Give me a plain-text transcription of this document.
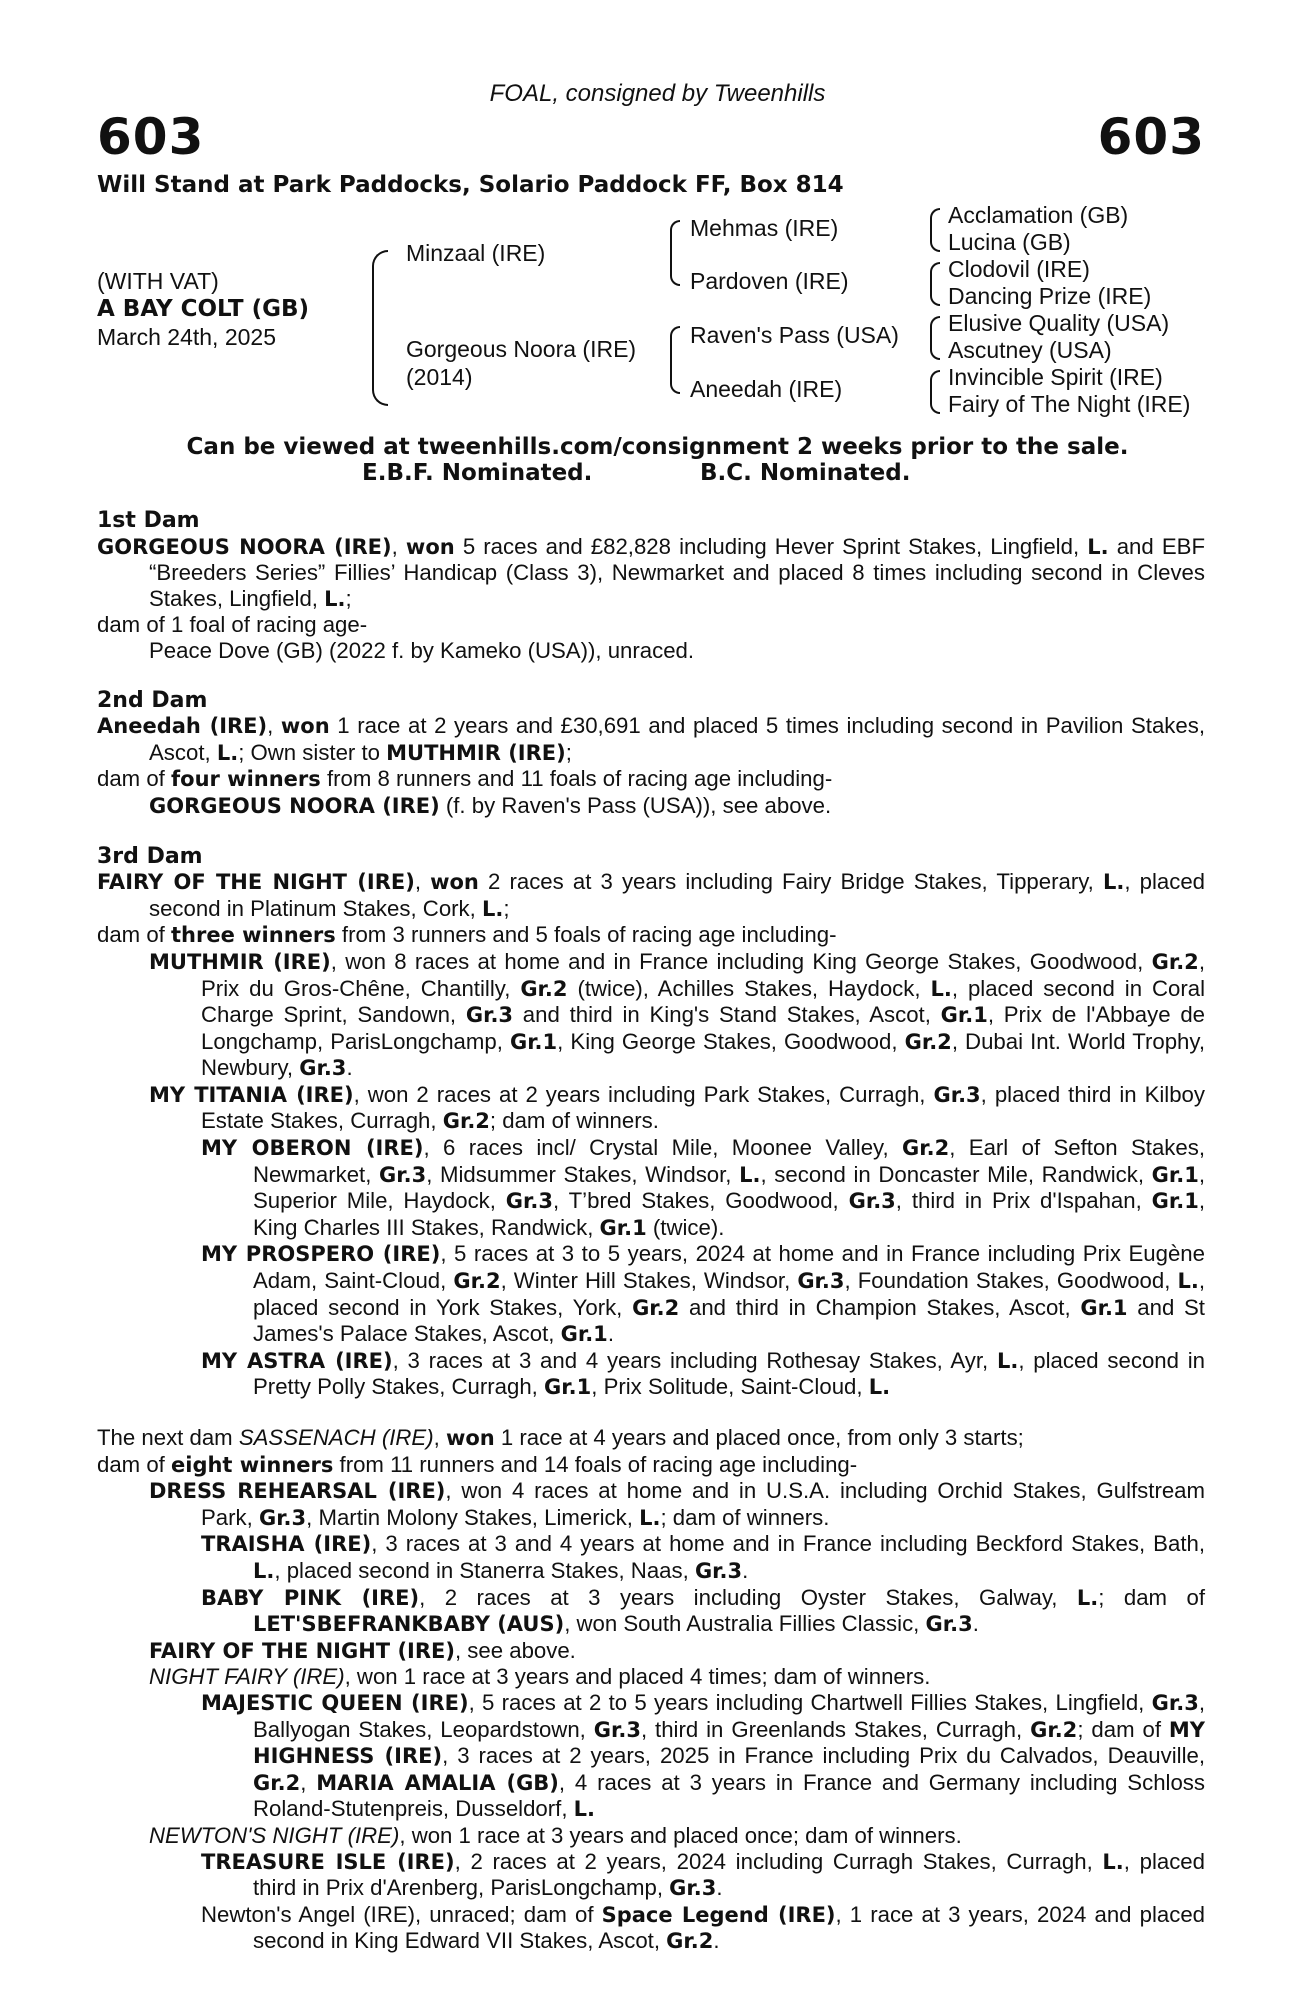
FOAL, consigned by Tweenhills
603	603
Will Stand at Park Paddocks, Solario Paddock FF, Box 814
(WITH VAT)
A BAY COLT (GB)
March 24th, 2025
Minzaal (IRE)
Gorgeous Noora (IRE)
(2014)
Mehmas (IRE)
Pardoven (IRE)
Raven's Pass (USA)
Aneedah (IRE)
Acclamation (GB)
Lucina (GB)
Clodovil (IRE)
Dancing Prize (IRE)
Elusive Quality (USA)
Ascutney (USA)
Invincible Spirit (IRE)
Fairy of The Night (IRE)
Can be viewed at tweenhills.com/consignment 2 weeks prior to the sale.
E.B.F. Nominated.	B.C. Nominated.

1st Dam

GORGEOUS NOORA (IRE), won 5 races and £82,828 including Hever Sprint Stakes, Lingfield, L. and EBF “Breeders Series” Fillies’ Handicap (Class 3), Newmarket and placed 8 times including second in Cleves Stakes, Lingfield, L.;

dam of 1 foal of racing age-

Peace Dove (GB) (2022 f. by Kameko (USA)), unraced.

2nd Dam

Aneedah (IRE), won 1 race at 2 years and £30,691 and placed 5 times including second in Pavilion Stakes, Ascot, L.; Own sister to MUTHMIR (IRE);

dam of four winners from 8 runners and 11 foals of racing age including-

GORGEOUS NOORA (IRE) (f. by Raven's Pass (USA)), see above.

3rd Dam

FAIRY OF THE NIGHT (IRE), won 2 races at 3 years including Fairy Bridge Stakes, Tipperary, L., placed second in Platinum Stakes, Cork, L.;

dam of three winners from 3 runners and 5 foals of racing age including-

MUTHMIR (IRE), won 8 races at home and in France including King George Stakes, Goodwood, Gr.2, Prix du Gros-Chêne, Chantilly, Gr.2 (twice), Achilles Stakes, Haydock, L., placed second in Coral Charge Sprint, Sandown, Gr.3 and third in King's Stand Stakes, Ascot, Gr.1, Prix de l'Abbaye de Longchamp, ParisLongchamp, Gr.1, King George Stakes, Goodwood, Gr.2, Dubai Int. World Trophy, Newbury, Gr.3.

MY TITANIA (IRE), won 2 races at 2 years including Park Stakes, Curragh, Gr.3, placed third in Kilboy Estate Stakes, Curragh, Gr.2; dam of winners.

MY OBERON (IRE), 6 races incl/ Crystal Mile, Moonee Valley, Gr.2, Earl of Sefton Stakes, Newmarket, Gr.3, Midsummer Stakes, Windsor, L., second in Doncaster Mile, Randwick, Gr.1, Superior Mile, Haydock, Gr.3, T’bred Stakes, Goodwood, Gr.3, third in Prix d'Ispahan, Gr.1, King Charles III Stakes, Randwick, Gr.1 (twice).

MY PROSPERO (IRE), 5 races at 3 to 5 years, 2024 at home and in France including Prix Eugène Adam, Saint-Cloud, Gr.2, Winter Hill Stakes, Windsor, Gr.3, Foundation Stakes, Goodwood, L., placed second in York Stakes, York, Gr.2 and third in Champion Stakes, Ascot, Gr.1 and St James's Palace Stakes, Ascot, Gr.1.

MY ASTRA (IRE), 3 races at 3 and 4 years including Rothesay Stakes, Ayr, L., placed second in Pretty Polly Stakes, Curragh, Gr.1, Prix Solitude, Saint-Cloud, L.

The next dam SASSENACH (IRE), won 1 race at 4 years and placed once, from only 3 starts;

dam of eight winners from 11 runners and 14 foals of racing age including-

DRESS REHEARSAL (IRE), won 4 races at home and in U.S.A. including Orchid Stakes, Gulfstream Park, Gr.3, Martin Molony Stakes, Limerick, L.; dam of winners.

TRAISHA (IRE), 3 races at 3 and 4 years at home and in France including Beckford Stakes, Bath, L., placed second in Stanerra Stakes, Naas, Gr.3.

BABY PINK (IRE), 2 races at 3 years including Oyster Stakes, Galway, L.; dam of LET'SBEFRANKBABY (AUS), won South Australia Fillies Classic, Gr.3.

FAIRY OF THE NIGHT (IRE), see above.

NIGHT FAIRY (IRE), won 1 race at 3 years and placed 4 times; dam of winners.

MAJESTIC QUEEN (IRE), 5 races at 2 to 5 years including Chartwell Fillies Stakes, Lingfield, Gr.3, Ballyogan Stakes, Leopardstown, Gr.3, third in Greenlands Stakes, Curragh, Gr.2; dam of MY HIGHNESS (IRE), 3 races at 2 years, 2025 in France including Prix du Calvados, Deauville, Gr.2, MARIA AMALIA (GB), 4 races at 3 years in France and Germany including Schloss Roland-Stutenpreis, Dusseldorf, L.

NEWTON'S NIGHT (IRE), won 1 race at 3 years and placed once; dam of winners.

TREASURE ISLE (IRE), 2 races at 2 years, 2024 including Curragh Stakes, Curragh, L., placed third in Prix d'Arenberg, ParisLongchamp, Gr.3.

Newton's Angel (IRE), unraced; dam of Space Legend (IRE), 1 race at 3 years, 2024 and placed second in King Edward VII Stakes, Ascot, Gr.2.
